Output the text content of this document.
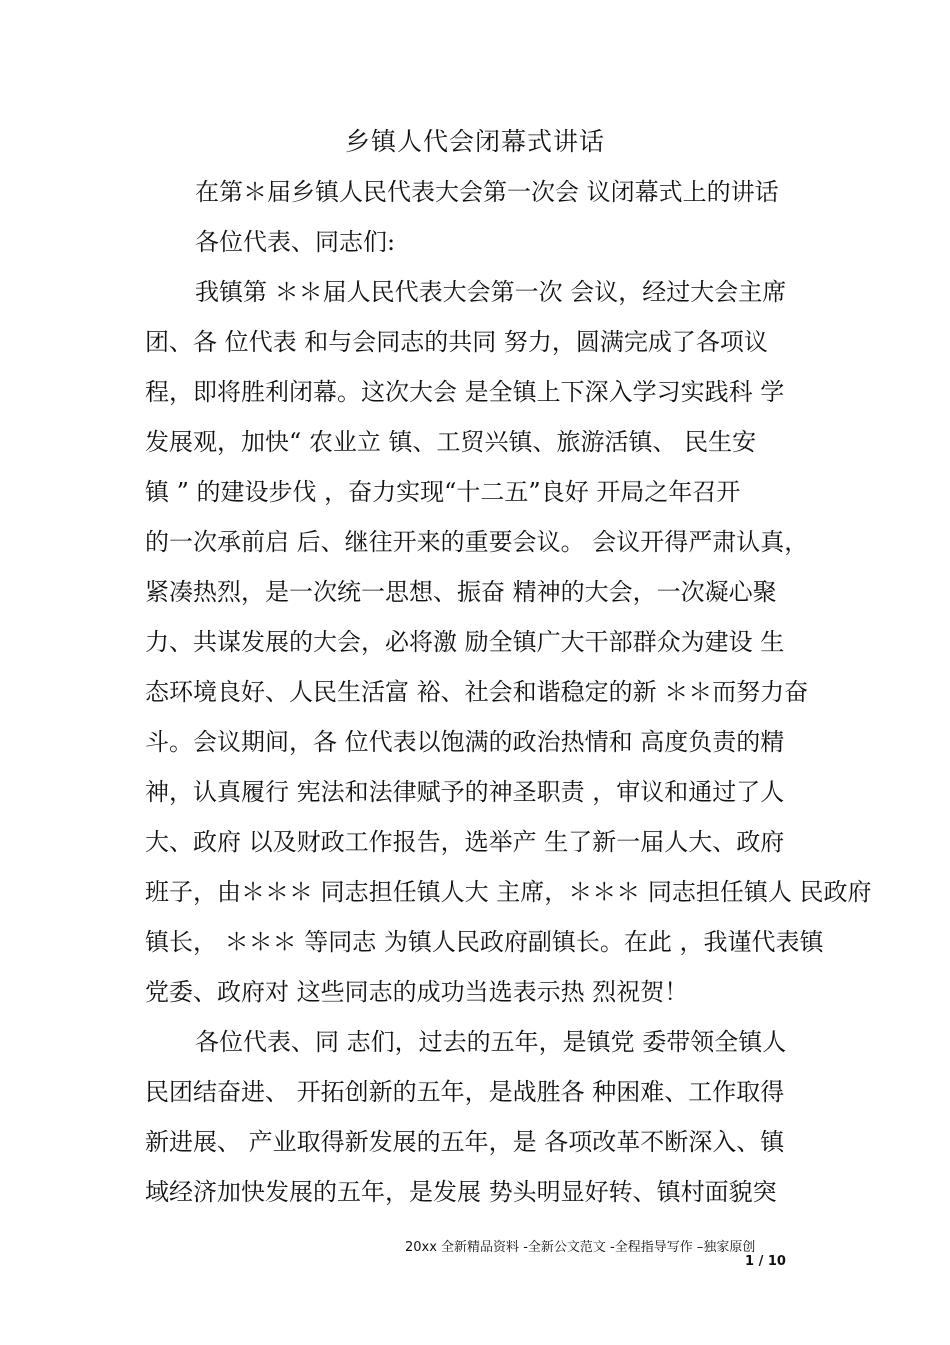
乡镇人代会闭幕式讲话
在第＊届乡镇人民代表大会第一次会 议闭幕式上的讲话
各位代表、同志们:
我镇第 ＊＊届人民代表大会第一次 会议，经过大会主席
团、各 位代表 和与会同志的共同 努力，圆满完成了各项议
程，即将胜利闭幕。这次大会 是全镇上下深入学习实践科 学
发展观，加快“ 农业立 镇、工贸兴镇、旅游活镇、 民生安
镇 ” 的建设步伐 ，奋力实现“十二五”良好 开局之年召开
的一次承前启 后、继往开来的重要会议。 会议开得严肃认真，
紧凑热烈，是一次统一思想、振奋 精神的大会，一次凝心聚
力、共谋发展的大会，必将激 励全镇广大干部群众为建设 生
态环境良好、人民生活富 裕、社会和谐稳定的新 ＊＊而努力奋
斗。会议期间，各 位代表以饱满的政治热情和 高度负责的精
神，认真履行 宪法和法律赋予的神圣职责 ，审议和通过了人
大、政府 以及财政工作报告，选举产 生了新一届人大、政府
班子，由＊＊＊ 同志担任镇人大 主席，＊＊＊ 同志担任镇人 民政府
镇长， ＊＊＊ 等同志 为镇人民政府副镇长。在此 ，我谨代表镇
党委、政府对 这些同志的成功当选表示热 烈祝贺！
各位代表、同 志们，过去的五年，是镇党 委带领全镇人
民团结奋进、 开拓创新的五年，是战胜各 种困难、工作取得
新进展、 产业取得新发展的五年，是 各项改革不断深入、镇
域经济加快发展的五年，是发展 势头明显好转、镇村面貌突
20xx 全新精品资料 -全新公文范文 -全程指导写作 –独家原创
1 / 10
